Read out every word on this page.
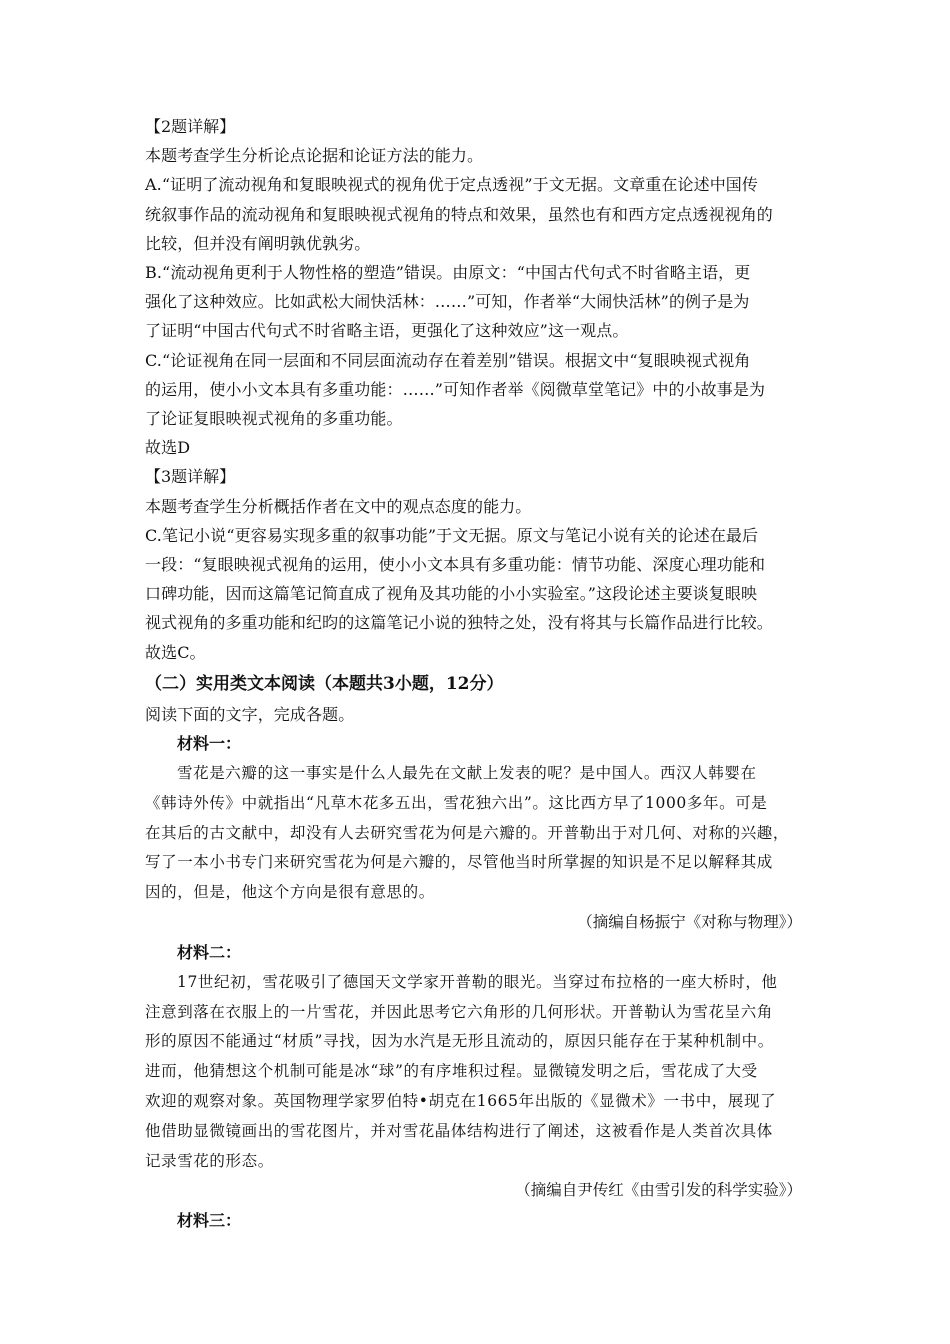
【2题详解】
本题考查学生分析论点论据和论证方法的能力。
A.“证明了流动视角和复眼映视式的视角优于定点透视”于文无据。文章重在论述中国传
统叙事作品的流动视角和复眼映视式视角的特点和效果，虽然也有和西方定点透视视角的
比较，但并没有阐明孰优孰劣。
B.“流动视角更利于人物性格的塑造”错误。由原文：“中国古代句式不时省略主语，更
强化了这种效应。比如武松大闹快活林：……”可知，作者举“大闹快活林”的例子是为
了证明“中国古代句式不时省略主语，更强化了这种效应”这一观点。
C.“论证视角在同一层面和不同层面流动存在着差别”错误。根据文中“复眼映视式视角
的运用，使小小文本具有多重功能：……”可知作者举《阅微草堂笔记》中的小故事是为
了论证复眼映视式视角的多重功能。
故选D
【3题详解】
本题考查学生分析概括作者在文中的观点态度的能力。
C.笔记小说“更容易实现多重的叙事功能”于文无据。原文与笔记小说有关的论述在最后
一段：“复眼映视式视角的运用，使小小文本具有多重功能：情节功能、深度心理功能和
口碑功能，因而这篇笔记简直成了视角及其功能的小小实验室。”这段论述主要谈复眼映
视式视角的多重功能和纪昀的这篇笔记小说的独特之处，没有将其与长篇作品进行比较。
故选C。
（二）实用类文本阅读（本题共3小题，12分）
阅读下面的文字，完成各题。
材料一：
雪花是六瓣的这一事实是什么人最先在文献上发表的呢？是中国人。西汉人韩婴在
《韩诗外传》中就指出“凡草木花多五出，雪花独六出”。这比西方早了1000多年。可是
在其后的古文献中，却没有人去研究雪花为何是六瓣的。开普勒出于对几何、对称的兴趣，
写了一本小书专门来研究雪花为何是六瓣的，尽管他当时所掌握的知识是不足以解释其成
因的，但是，他这个方向是很有意思的。
（摘编自杨振宁《对称与物理》）
材料二：
17世纪初，雪花吸引了德国天文学家开普勒的眼光。当穿过布拉格的一座大桥时，他
注意到落在衣服上的一片雪花，并因此思考它六角形的几何形状。开普勒认为雪花呈六角
形的原因不能通过“材质”寻找，因为水汽是无形且流动的，原因只能存在于某种机制中。
进而，他猜想这个机制可能是冰“球”的有序堆积过程。显微镜发明之后，雪花成了大受
欢迎的观察对象。英国物理学家罗伯特•胡克在1665年出版的《显微术》一书中，展现了
他借助显微镜画出的雪花图片，并对雪花晶体结构进行了阐述，这被看作是人类首次具体
记录雪花的形态。
（摘编自尹传红《由雪引发的科学实验》）
材料三：
